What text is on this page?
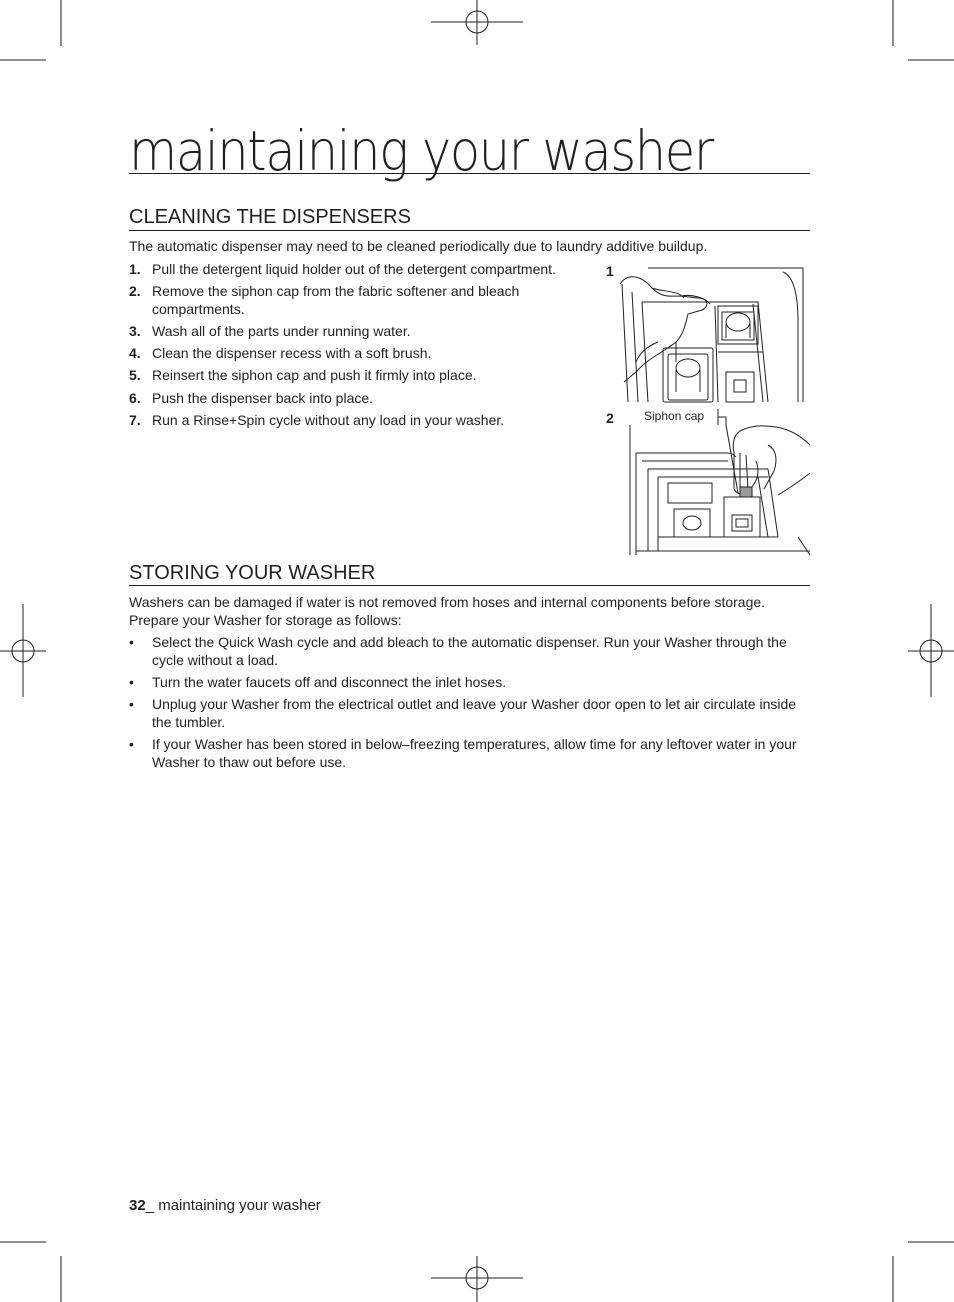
maintaining your washer
CLEANING THE DISPENSERS
The automatic dispenser may need to be cleaned periodically due to laundry additive buildup.
1. Pull the detergent liquid holder out of the detergent compartment.
2. Remove the siphon cap from the fabric softener and bleach compartments.
3. Wash all of the parts under running water.
4. Clean the dispenser recess with a soft brush.
5. Reinsert the siphon cap and push it firmly into place.
6. Push the dispenser back into place.
7. Run a Rinse+Spin cycle without any load in your washer.
1
2	Siphon cap
STORING YOUR WASHER
Washers can be damaged if water is not removed from hoses and internal components before storage.
Prepare your Washer for storage as follows:
• Select the Quick Wash cycle and add bleach to the automatic dispenser. Run your Washer through the cycle without a load.
• Turn the water faucets off and disconnect the inlet hoses.
• Unplug your Washer from the electrical outlet and leave your Washer door open to let air circulate inside the tumbler.
• If your Washer has been stored in below–freezing temperatures, allow time for any leftover water in your Washer to thaw out before use.
32_ maintaining your washer
